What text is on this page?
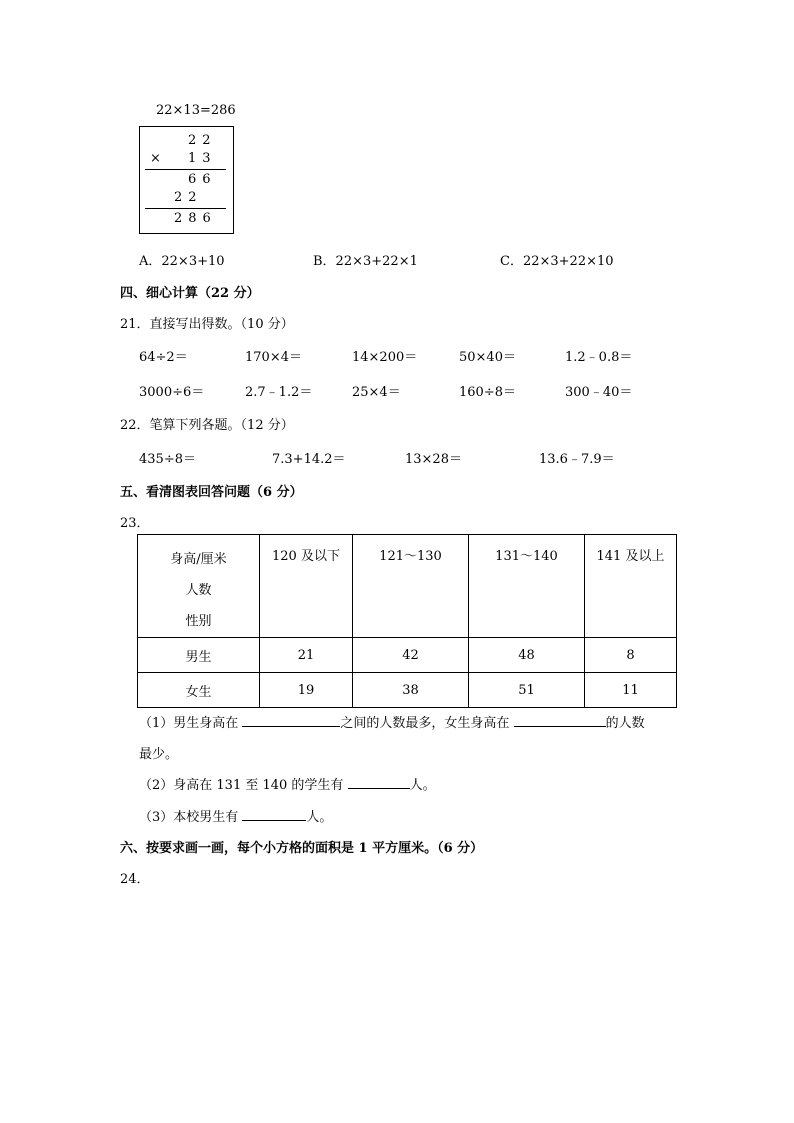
22×13=286
22
× 13
66
22
286
A．22×3+10	B．22×3+22×1	C．22×3+22×10
四、细心计算（22 分）
21．直接写出得数。（10 分）
64÷2＝	170×4＝	14×200＝	50×40＝	1.2﹣0.8＝
3000÷6＝	2.7﹣1.2＝	25×4＝	160÷8＝	300﹣40＝
22．笔算下列各题。（12 分）
435÷8＝	7.3+14.2＝	13×28＝	13.6﹣7.9＝
五、看清图表回答问题（6 分）
23．
身高/厘米
人数
性别	120 及以下	121～130	131～140	141 及以上

男生	21	42	48	8
女生	19	38	51	11
（1）男生身高在	之间的人数最多，女生身高在	的人数
最少。
（2）身高在 131 至 140 的学生有	人。
（3）本校男生有	人。
六、按要求画一画，每个小方格的面积是 1 平方厘米。（6 分）
24．
